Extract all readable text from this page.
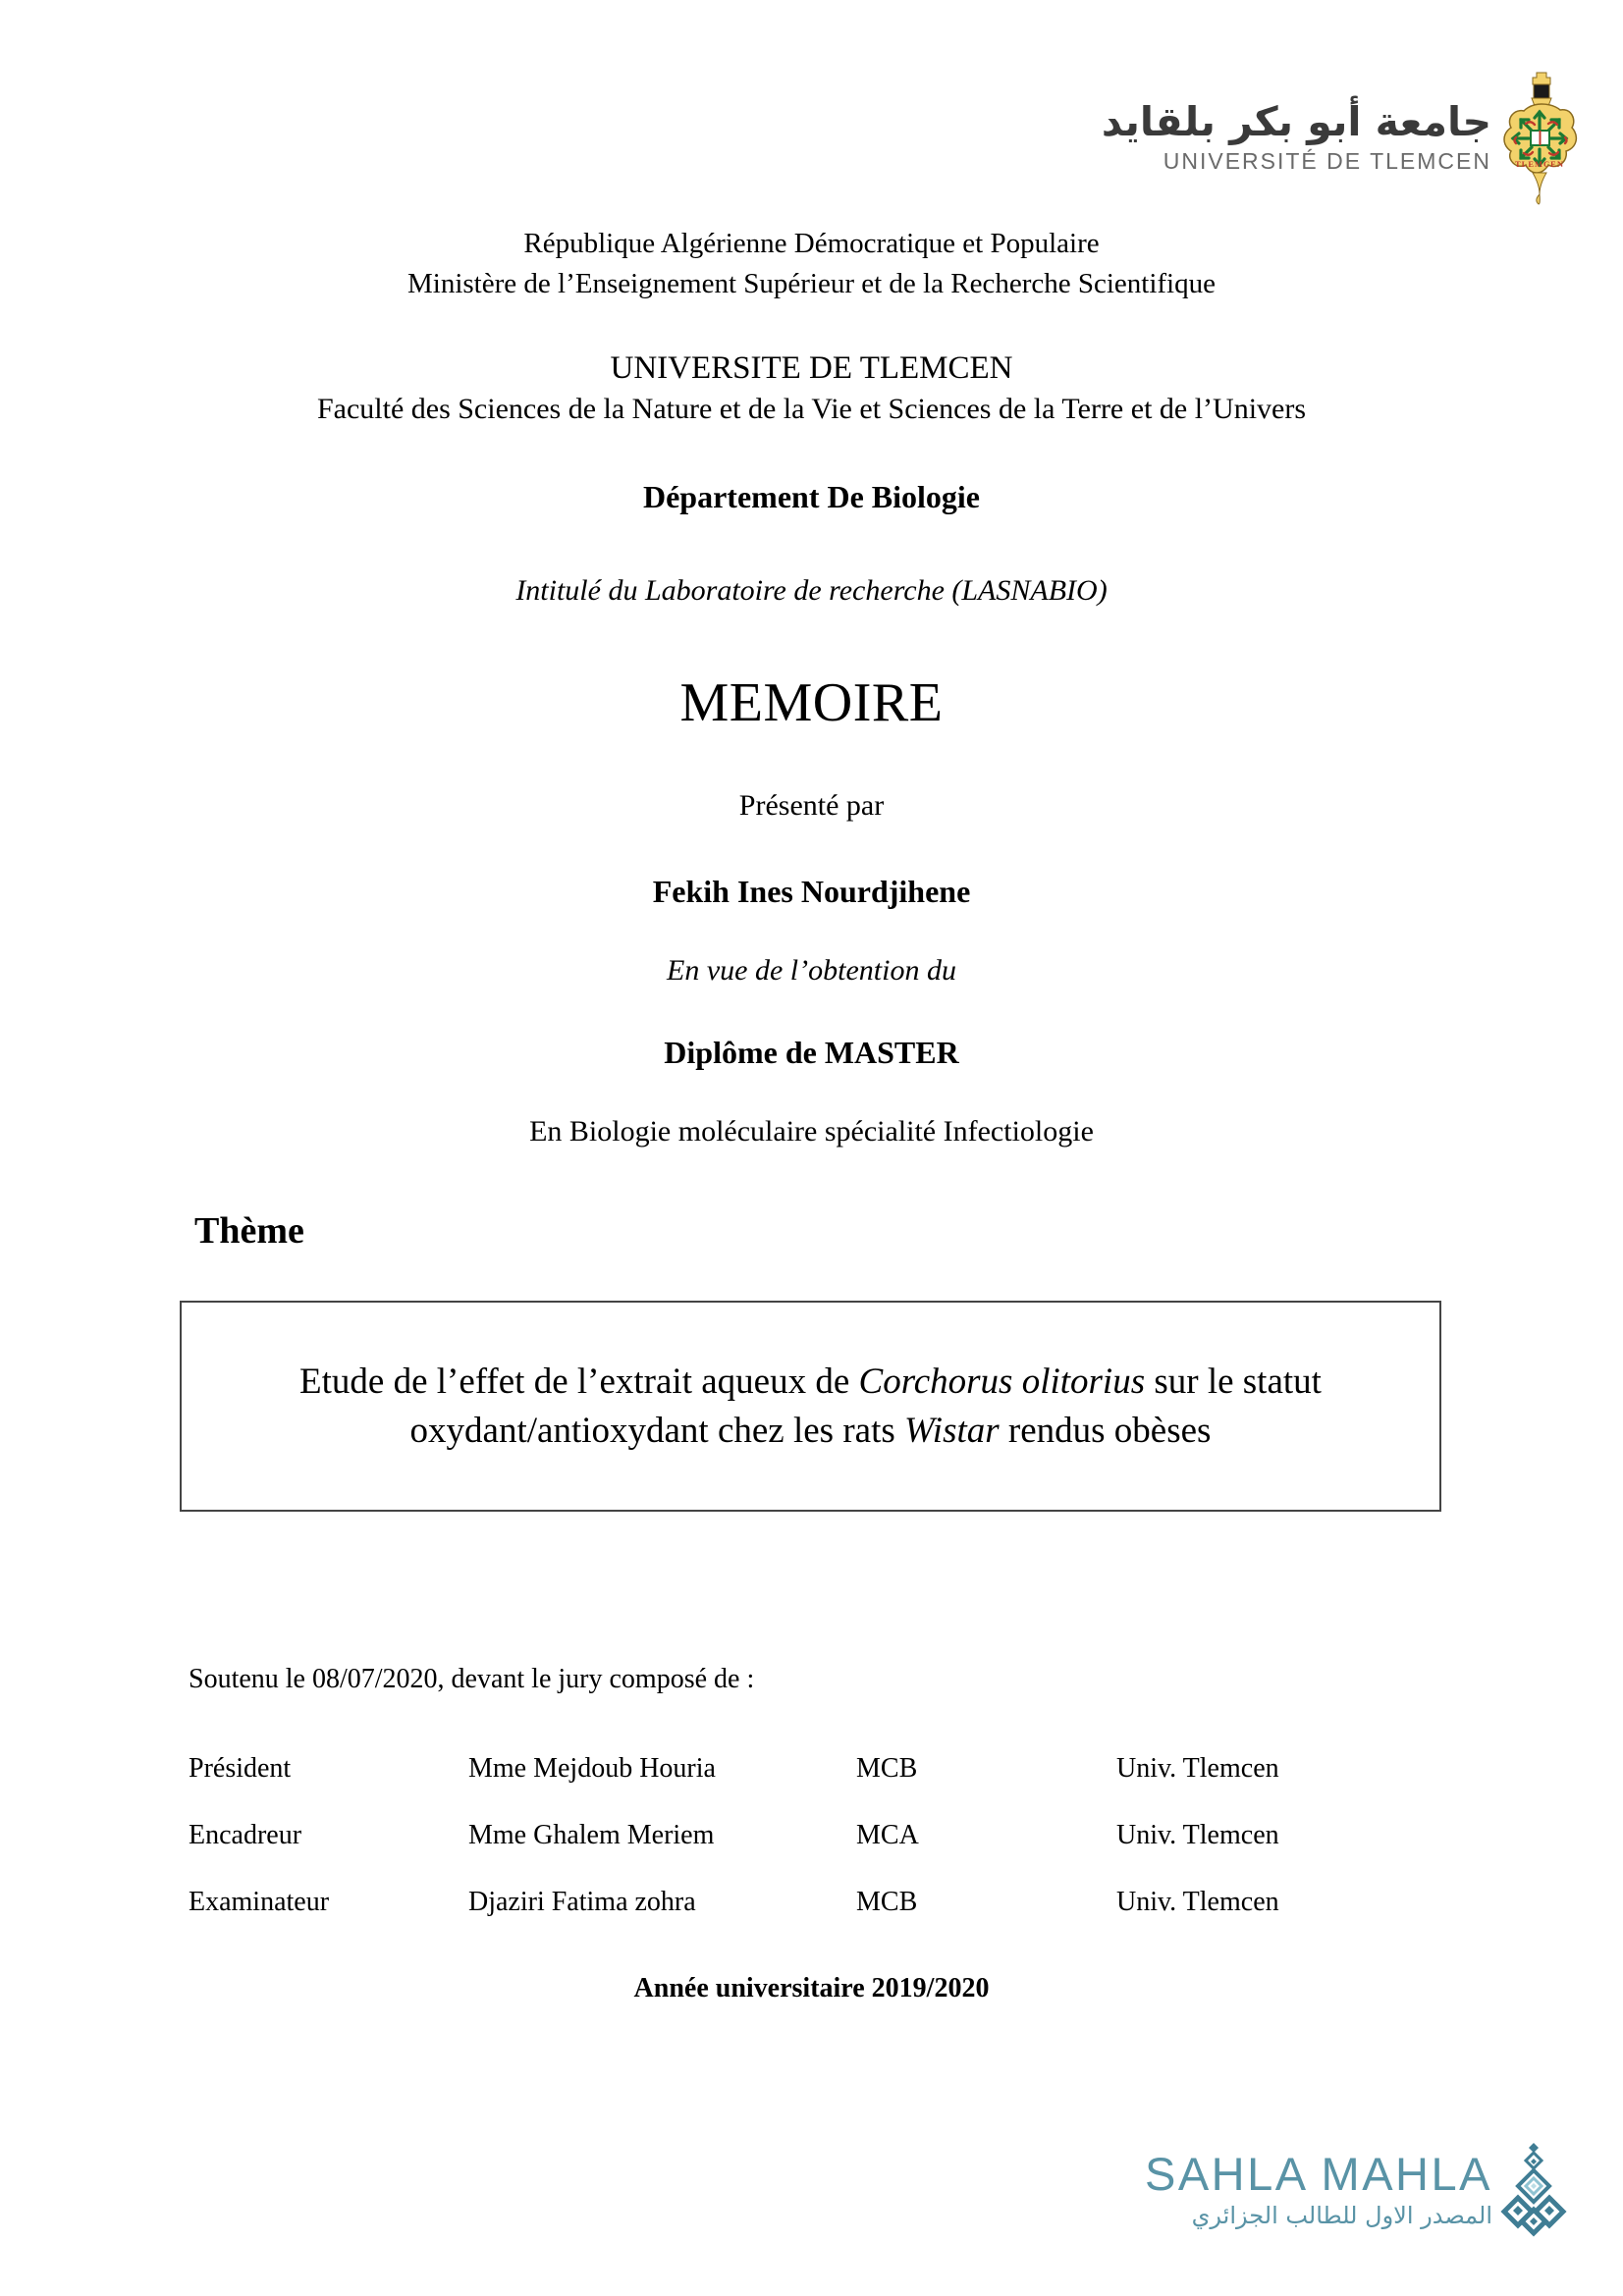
جامعة أبو بكر بلقايد
UNIVERSITÉ DE TLEMCEN	TLEMCEN
République Algérienne Démocratique et Populaire
Ministère de l’Enseignement Supérieur et de la Recherche Scientifique
UNIVERSITE DE TLEMCEN
Faculté des Sciences de la Nature et de la Vie et Sciences de la Terre et de l’Univers
Département De Biologie
Intitulé du Laboratoire de recherche (LASNABIO)
MEMOIRE
Présenté par
Fekih Ines Nourdjihene
En vue de l’obtention du
Diplôme de MASTER
En Biologie moléculaire spécialité Infectiologie
Thème
Etude de l’effet de l’extrait aqueux de Corchorus olitorius sur le statut oxydant/antioxydant chez les rats Wistar rendus obèses
Soutenu le 08/07/2020, devant le jury composé de :
Président	Mme Mejdoub Houria	MCB	Univ. Tlemcen
Encadreur	Mme Ghalem Meriem	MCA	Univ. Tlemcen
Examinateur	Djaziri Fatima zohra	MCB	Univ. Tlemcen
Année universitaire 2019/2020
SAHLA MAHLA
المصدر الاول للطالب الجزائري
